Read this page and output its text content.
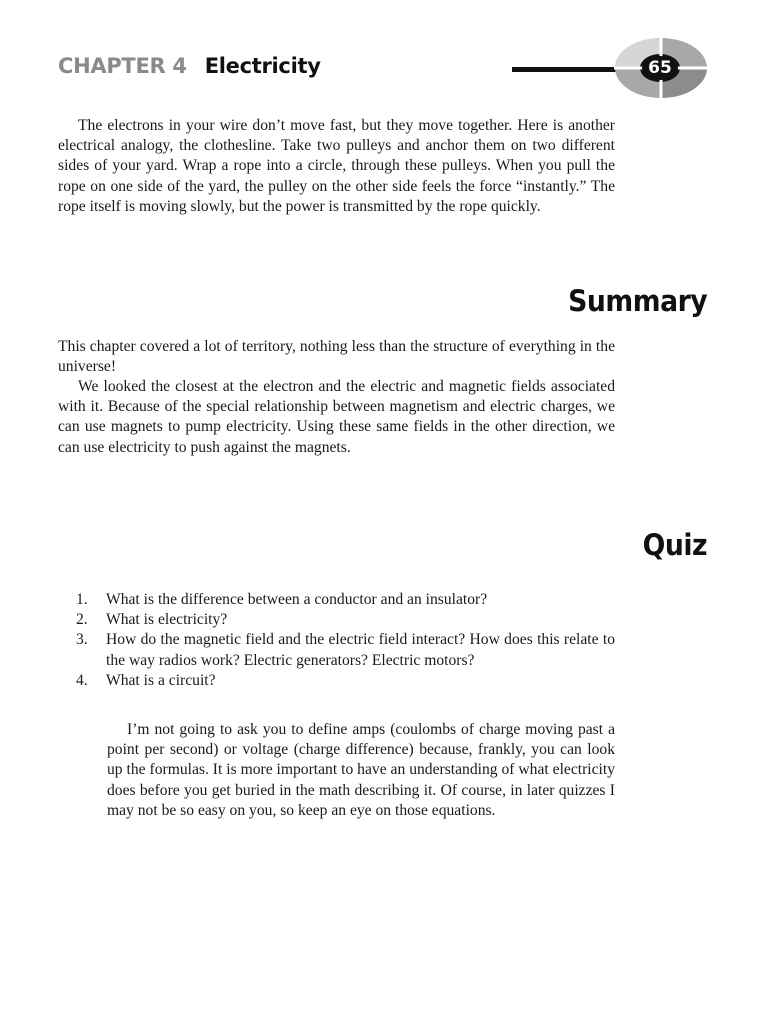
CHAPTER 4 Electricity	65

The electrons in your wire don’t move fast, but they move together. Here is another electrical analogy, the clothesline. Take two pulleys and anchor them on two different sides of your yard. Wrap a rope into a circle, through these pulleys. When you pull the rope on one side of the yard, the pulley on the other side feels the force “instantly.” The rope itself is moving slowly, but the power is transmitted by the rope quickly.

Summary

This chapter covered a lot of territory, nothing less than the structure of everything in the universe!

We looked the closest at the electron and the electric and magnetic fields associated with it. Because of the special relationship between magnetism and electric charges, we can use magnets to pump electricity. Using these same fields in the other direction, we can use electricity to push against the magnets.

Quiz
1.	What is the difference between a conductor and an insulator?
2.	What is electricity?
3.	How do the magnetic field and the electric field interact? How does this relate to the way radios work? Electric generators? Electric motors?
4.	What is a circuit?

I’m not going to ask you to define amps (coulombs of charge moving past a point per second) or voltage (charge difference) because, frankly, you can look up the formulas. It is more important to have an understanding of what electricity does before you get buried in the math describing it. Of course, in later quizzes I may not be so easy on you, so keep an eye on those equations.
